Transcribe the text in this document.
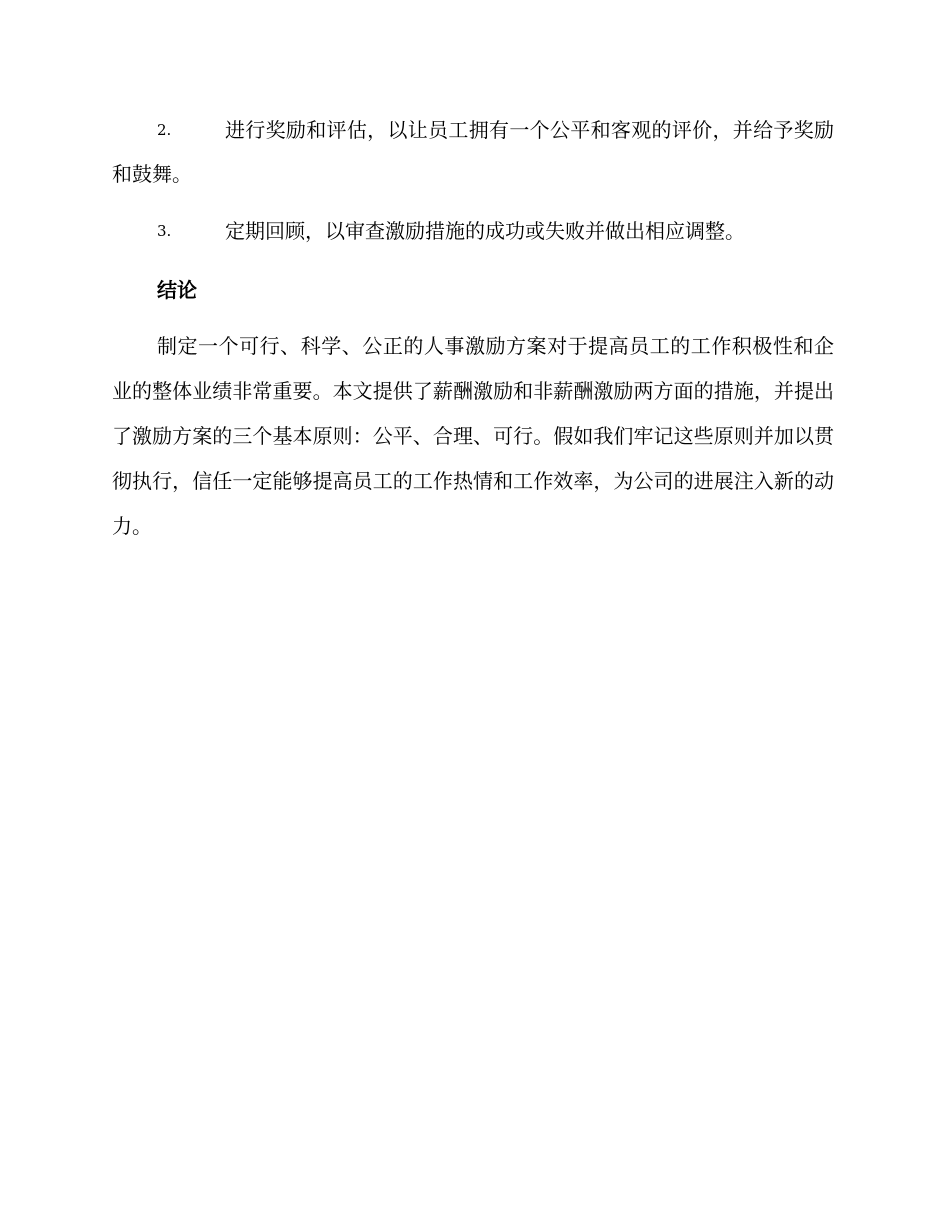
2.	进行奖励和评估，以让员工拥有一个公平和客观的评价，并给予奖励和鼓舞。
3.	定期回顾，以审查激励措施的成功或失败并做出相应调整。
结论

制定一个可行、科学、公正的人事激励方案对于提高员工的工作积极性和企业的整体业绩非常重要。本文提供了薪酬激励和非薪酬激励两方面的措施，并提出了激励方案的三个基本原则：公平、合理、可行。假如我们牢记这些原则并加以贯彻执行，信任一定能够提高员工的工作热情和工作效率，为公司的进展注入新的动力。
